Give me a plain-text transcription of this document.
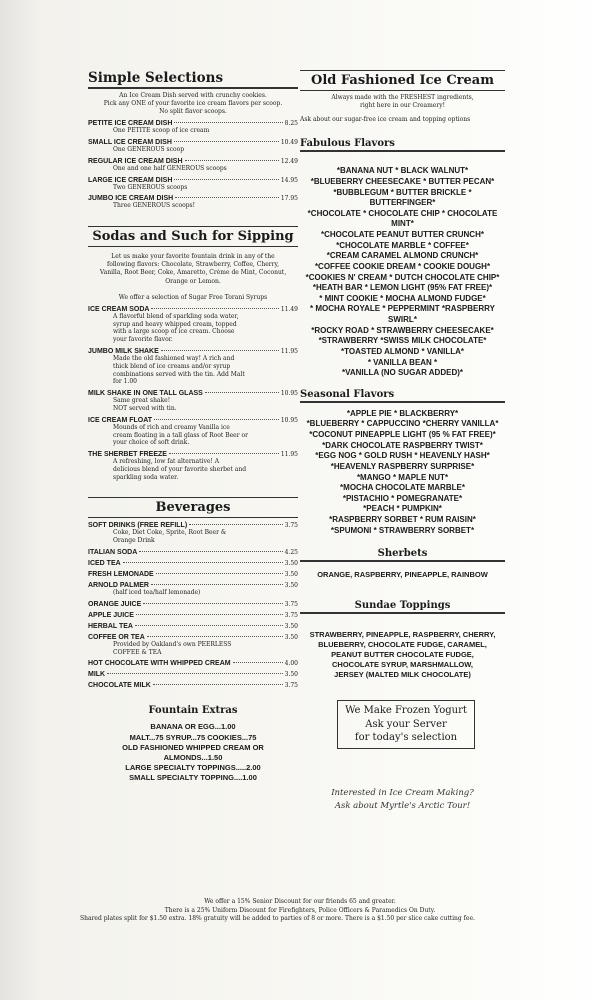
Simple Selections
An Ice Cream Dish served with crunchy cookies.
Pick any ONE of your favorite ice cream flavors per scoop.
No split flavor scoops.
PETITE ICE CREAM DISH	8.25
One PETITE scoop of ice cream
SMALL ICE CREAM DISH	10.49
One GENEROUS scoop
REGULAR ICE CREAM DISH	12.49
One and one half GENEROUS scoops
LARGE ICE CREAM DISH	14.95
Two GENEROUS scoops
JUMBO ICE CREAM DISH	17.95
Three GENEROUS scoops!
Sodas and Such for Sipping
Let us make your favorite fountain drink in any of the
following flavors: Chocolate, Strawberry, Coffee, Cherry,
Vanilla, Root Beer, Coke, Amaretto, Crème de Mint, Coconut,
Orange or Lemon.
We offer a selection of Sugar Free Torani Syrups
ICE CREAM SODA	11.49
A flavorful blend of sparkling soda water,
syrup and heavy whipped cream, topped
with a large scoop of ice cream. Choose
your favorite flavor.
JUMBO MILK SHAKE	11.95
Made the old fashioned way! A rich and
thick blend of ice creams and/or syrup
combinations served with the tin. Add Malt
for 1.00
MILK SHAKE IN ONE TALL GLASS	10.95
Same great shake!
NOT served with tin.
ICE CREAM FLOAT	10.95
Mounds of rich and creamy Vanilla ice
cream floating in a tall glass of Root Beer or
your choice of soft drink.
THE SHERBET FREEZE	11.95
A refreshing, low fat alternative! A
delicious blend of your favorite sherbet and
sparkling soda water.
Beverages
SOFT DRINKS (FREE REFILL)	3.75
Coke, Diet Coke, Sprite, Root Beer &
Orange Drink
ITALIAN SODA	4.25
ICED TEA	3.50
FRESH LEMONADE	3.50
ARNOLD PALMER	3.50
(half iced tea/half lemonade)
ORANGE JUICE	3.75
APPLE JUICE	3.75
HERBAL TEA	3.50
COFFEE OR TEA	3.50
Provided by Oakland's own PEERLESS
COFFEE & TEA
HOT CHOCOLATE WITH WHIPPED CREAM	4.00
MILK	3.50
CHOCOLATE MILK	3.75
Fountain Extras
BANANA OR EGG...1.00
MALT...75 SYRUP...75 COOKIES...75
OLD FASHIONED WHIPPED CREAM OR
ALMONDS...1.50
LARGE SPECIALTY TOPPINGS.....2.00
SMALL SPECIALTY TOPPING....1.00
Old Fashioned Ice Cream
Always made with the FRESHEST ingredients,
right here in our Creamery!
Ask about our sugar-free ice cream and topping options
Fabulous Flavors
*BANANA NUT * BLACK WALNUT*
*BLUEBERRY CHEESECAKE * BUTTER PECAN*
*BUBBLEGUM * BUTTER BRICKLE * BUTTERFINGER*
*CHOCOLATE * CHOCOLATE CHIP * CHOCOLATE MINT*
*CHOCOLATE PEANUT BUTTER CRUNCH*
*CHOCOLATE MARBLE * COFFEE*
*CREAM CARAMEL ALMOND CRUNCH*
*COFFEE COOKIE DREAM * COOKIE DOUGH*
*COOKIES N' CREAM * DUTCH CHOCOLATE CHIP*
*HEATH BAR * LEMON LIGHT (95% FAT FREE)*
* MINT COOKIE * MOCHA ALMOND FUDGE*
* MOCHA ROYALE * PEPPERMINT *RASPBERRY SWIRL*
*ROCKY ROAD * STRAWBERRY CHEESECAKE*
*STRAWBERRY *SWISS MILK CHOCOLATE*
*TOASTED ALMOND * VANILLA*
* VANILLA BEAN *
*VANILLA (NO SUGAR ADDED)*
Seasonal Flavors
*APPLE PIE * BLACKBERRY*
*BLUEBERRY * CAPPUCCINO *CHERRY VANILLA*
*COCONUT PINEAPPLE LIGHT (95 % FAT FREE)*
*DARK CHOCOLATE RASPBERRY TWIST*
*EGG NOG * GOLD RUSH * HEAVENLY HASH*
*HEAVENLY RASPBERRY SURPRISE*
*MANGO * MAPLE NUT*
*MOCHA CHOCOLATE MARBLE*
*PISTACHIO * POMEGRANATE*
*PEACH * PUMPKIN*
*RASPBERRY SORBET * RUM RAISIN*
*SPUMONI * STRAWBERRY SORBET*
Sherbets
ORANGE, RASPBERRY, PINEAPPLE, RAINBOW
Sundae Toppings
STRAWBERRY, PINEAPPLE, RASPBERRY, CHERRY,
BLUEBERRY, CHOCOLATE FUDGE, CARAMEL,
PEANUT BUTTER CHOCOLATE FUDGE,
CHOCOLATE SYRUP, MARSHMALLOW,
JERSEY (MALTED MILK CHOCOLATE)
We Make Frozen Yogurt
Ask your Server
for today's selection
Interested in Ice Cream Making?
Ask about Myrtle's Arctic Tour!
We offer a 15% Senior Discount for our friends 65 and greater.
There is a 25% Uniform Discount for Firefighters, Police Officers & Paramedics On Duty.
Shared plates split for $1.50 extra. 18% gratuity will be added to parties of 8 or more. There is a $1.50 per slice cake cutting fee.
